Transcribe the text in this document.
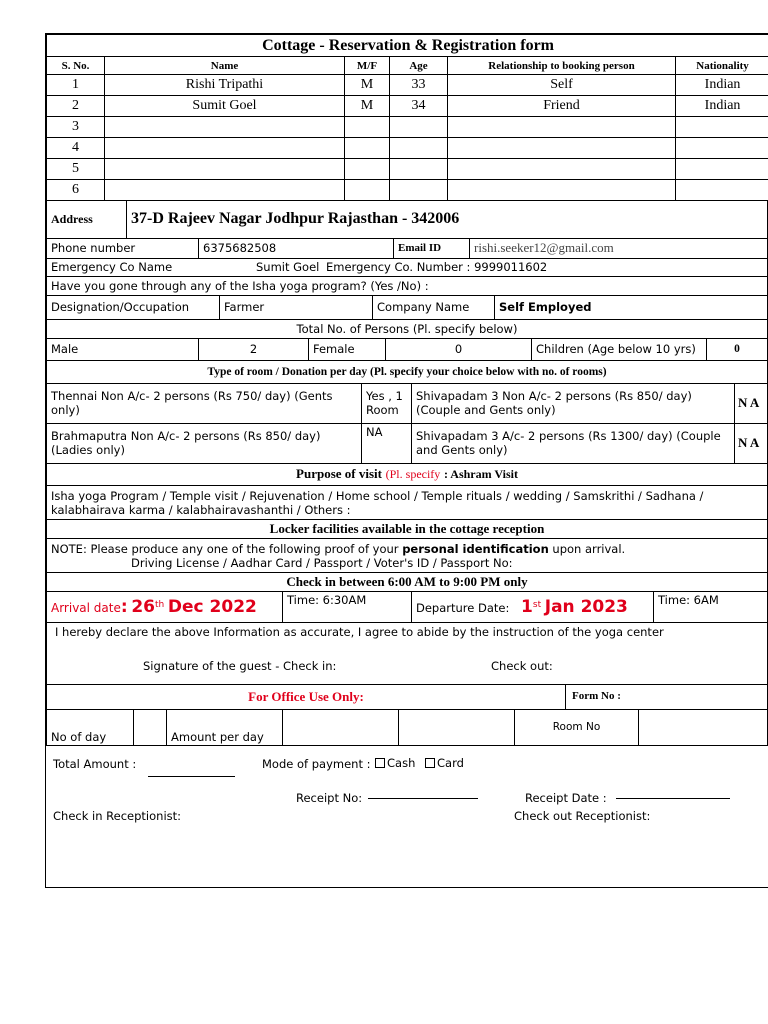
Cottage - Reservation & Registration form					
S. No.	Name	M/F	Age	Relationship to booking person	Nationality
1	Rishi Tripathi	M	33	Self	Indian
2	Sumit Goel	M	34	Friend	Indian
3					
4					
5					
6					
Address	37-D Rajeev Nagar Jodhpur Rajasthan - 342006
Phone number	6375682508	Email ID	rishi.seeker12@gmail.com
Emergency Co Name	Sumit Goel Emergency Co. Number : 9999011602
Have you gone through any of the Isha yoga program? (Yes /No) :
Designation/Occupation	Farmer	Company Name	Self Employed
Total No. of Persons (Pl. specify below)
Male	2	Female	0	Children (Age below 10 yrs)	0
Type of room / Donation per day (Pl. specify your choice below with no. of rooms)			
Thennai Non A/c- 2 persons (Rs 750/ day) (Gents only)	Yes , 1 Room	Shivapadam 3 Non A/c- 2 persons (Rs 850/ day) (Couple and Gents only)	N A
Brahmaputra Non A/c- 2 persons (Rs 850/ day) (Ladies only)	NA	Shivapadam 3 A/c- 2 persons (Rs 1300/ day) (Couple and Gents only)	N A
Purpose of visit (Pl. specify : Ashram Visit
Isha yoga Program / Temple visit / Rejuvenation / Home school / Temple rituals / wedding / Samskrithi / Sadhana / kalabhairava karma / kalabhairavashanthi / Others :
Locker facilities available in the cottage reception

NOTE: Please produce any one of the following proof of your personal identification upon arrival.
Driving License / Aadhar Card / Passport / Voter's ID / Passport No:

Check in between 6:00 AM to 9:00 PM only
Arrival date: 26th Dec 2022	Time: 6:30AM	Departure Date: 1st Jan 2023	Time: 6AM
I hereby declare the above Information as accurate, I agree to abide by the instruction of the yoga center
Signature of the guest - Check in:	Check out:

For Office Use Only:	Form No :
No of day		Amount per day			Room No	
Total Amount :	Mode of payment :	Cash Card
Receipt No:	Receipt Date :
Check in Receptionist:	Check out Receptionist:
